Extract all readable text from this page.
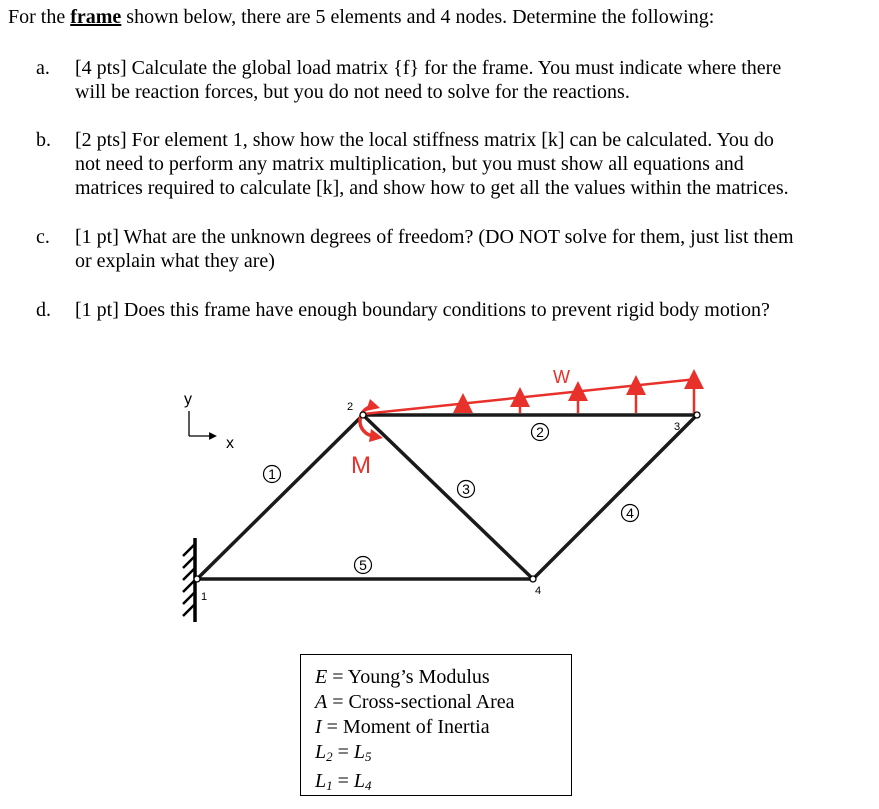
For the frame shown below, there are 5 elements and 4 nodes. Determine the following:
a.	[4 pts] Calculate the global load matrix {f} for the frame. You must indicate where there
will be reaction forces, but you do not need to solve for the reactions.
b.	[2 pts] For element 1, show how the local stiffness matrix [k] can be calculated. You do
not need to perform any matrix multiplication, but you must show all equations and
matrices required to calculate [k], and show how to get all the values within the matrices.
c.	[1 pt] What are the unknown degrees of freedom? (DO NOT solve for them, just list them
or explain what they are)
d.	[1 pt] Does this frame have enough boundary conditions to prevent rigid body motion?
y
x
W
M
1
2
3
4
1
2
3
4
5
E = Young’s Modulus
A = Cross-sectional Area
I = Moment of Inertia
$L_2 = L_5$
$L_1 = L_4$
